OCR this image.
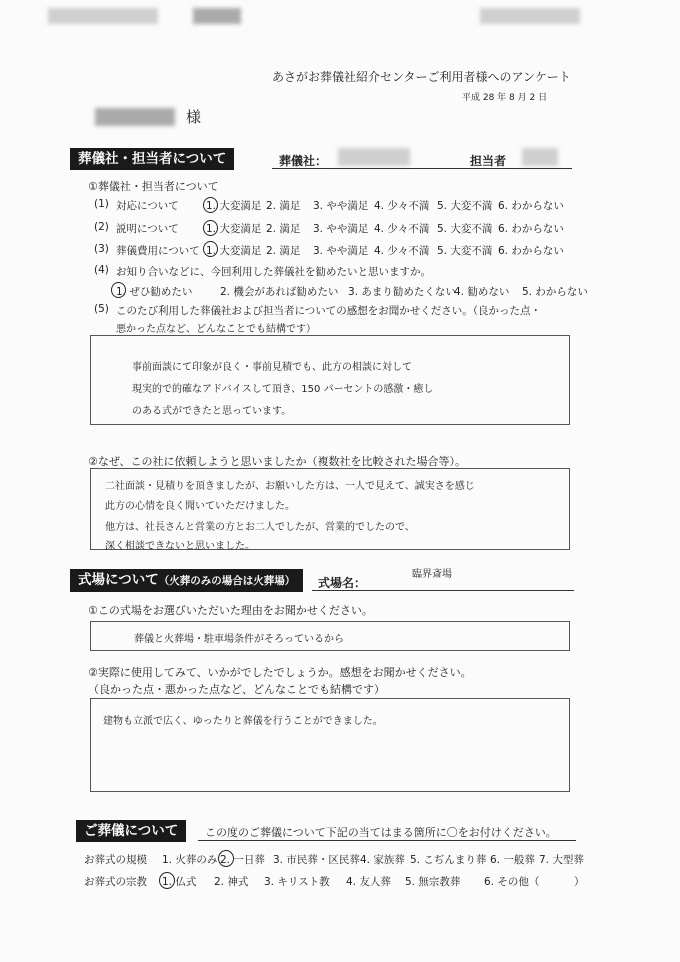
あさがお葬儀社紹介センターご利用者様へのアンケート
平成 28 年 8 月 2 日
様
葬儀社・担当者について	葬儀社：	担当者
①葬儀社・担当者について
(1) 対応について	1. 大変満足 2. 満足 3. やや満足 4. 少々不満 5. 大変不満 6. わからない
(2) 説明について	1. 大変満足 2. 満足 3. やや満足 4. 少々不満 5. 大変不満 6. わからない
(3) 葬儀費用について 1. 大変満足 2. 満足 3. やや満足 4. 少々不満 5. 大変不満 6. わからない
(4) お知り合いなどに、今回利用した葬儀社を勧めたいと思いますか。
1. ぜひ勧めたい	2. 機会があれば勧めたい 3. あまり勧めたくない
4. 勧めない 5. わからない
(5) このたび利用した葬儀社および担当者についての感想をお聞かせください。（良かった点・
悪かった点など、どんなことでも結構です）
事前面談にて印象が良く・事前見積でも、此方の相談に対して
現実的で的確なアドバイスして頂き、150 パーセントの感激・癒し
のある式ができたと思っています。
②なぜ、この社に依頼しようと思いましたか（複数社を比較された場合等）。
二社面談・見積りを頂きましたが、お願いした方は、一人で見えて、誠実さを感じ
此方の心情を良く聞いていただけました。
他方は、社長さんと営業の方とお二人でしたが、営業的でしたので、
深く相談できないと思いました。
式場について（火葬のみの場合は火葬場）	式場名：
臨界斎場
①この式場をお選びいただいた理由をお聞かせください。
葬儀と火葬場・駐車場条件がそろっているから
②実際に使用してみて、いかがでしたでしょうか。感想をお聞かせください。
（良かった点・悪かった点など、どんなことでも結構です）
建物も立派で広く、ゆったりと葬儀を行うことができました。
ご葬儀について	この度のご葬儀について下記の当てはまる箇所に〇をお付けください。
お葬式の規模 1. 火葬のみ 2. 一日葬 3. 市民葬・区民葬 4. 家族葬 5. こぢんまり葬 6. 一般葬 7. 大型葬
お葬式の宗教 1. 仏式 2. 神式 3. キリスト教 4. 友人葬 5. 無宗教葬 6. その他（	）
